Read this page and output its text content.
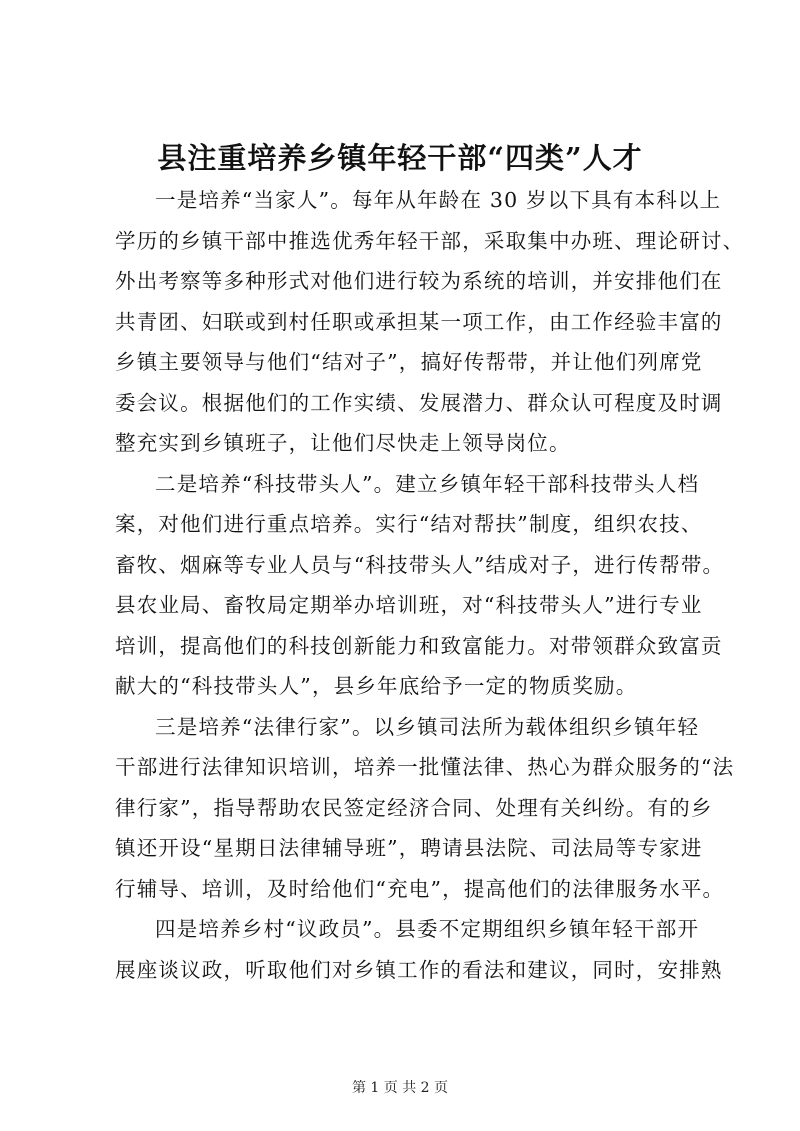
县注重培养乡镇年轻干部“四类”人才
一是培养“当家人”。每年从年龄在 30 岁以下具有本科以上
学历的乡镇干部中推选优秀年轻干部，采取集中办班、理论研讨、
外出考察等多种形式对他们进行较为系统的培训，并安排他们在
共青团、妇联或到村任职或承担某一项工作，由工作经验丰富的
乡镇主要领导与他们“结对子”，搞好传帮带，并让他们列席党
委会议。根据他们的工作实绩、发展潜力、群众认可程度及时调
整充实到乡镇班子，让他们尽快走上领导岗位。
二是培养“科技带头人”。建立乡镇年轻干部科技带头人档
案，对他们进行重点培养。实行“结对帮扶”制度，组织农技、
畜牧、烟麻等专业人员与“科技带头人”结成对子，进行传帮带。
县农业局、畜牧局定期举办培训班，对“科技带头人”进行专业
培训，提高他们的科技创新能力和致富能力。对带领群众致富贡
献大的“科技带头人”，县乡年底给予一定的物质奖励。
三是培养“法律行家”。以乡镇司法所为载体组织乡镇年轻
干部进行法律知识培训，培养一批懂法律、热心为群众服务的“法
律行家”，指导帮助农民签定经济合同、处理有关纠纷。有的乡
镇还开设“星期日法律辅导班”，聘请县法院、司法局等专家进
行辅导、培训，及时给他们“充电”，提高他们的法律服务水平。
四是培养乡村“议政员”。县委不定期组织乡镇年轻干部开
展座谈议政，听取他们对乡镇工作的看法和建议，同时，安排熟
第 1 页 共 2 页
